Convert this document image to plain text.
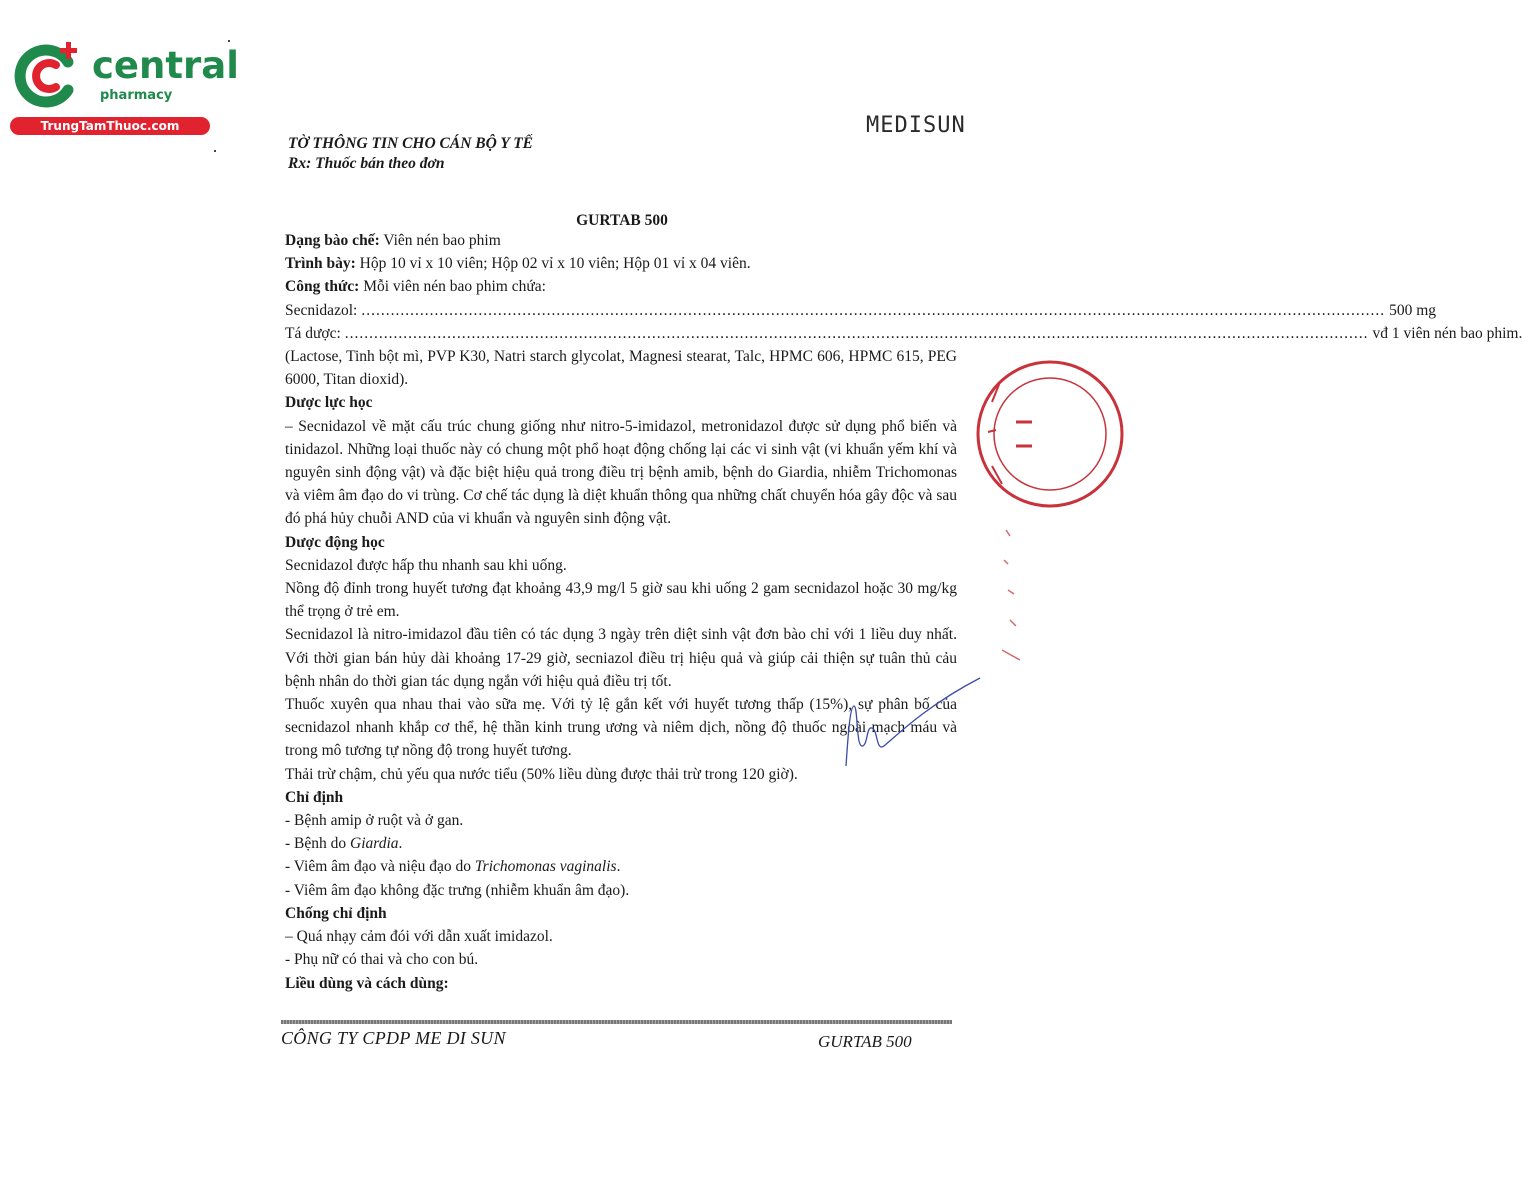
central
pharmacy
TrungTamThuoc.com	MEDISUN
TỜ THÔNG TIN CHO CÁN BỘ Y TẾ
Rx: Thuốc bán theo đơn
GURTAB 500

Dạng bào chế: Viên nén bao phim

Trình bày: Hộp 10 vỉ x 10 viên; Hộp 02 vỉ x 10 viên; Hộp 01 vỉ x 04 viên.

Công thức: Mỗi viên nén bao phim chứa:

Secnidazol: .................................................................................................................................................................................................................. 500 mg
Tá dược: .................................................................................................................................................................................................................. vđ 1 viên nén bao phim.

(Lactose, Tinh bột mì, PVP K30, Natri starch glycolat, Magnesi stearat, Talc, HPMC 606, HPMC 615, PEG 6000, Titan dioxid).

Dược lực học

– Secnidazol về mặt cấu trúc chung giống như nitro-5-imidazol, metronidazol được sử dụng phổ biến và tinidazol. Những loại thuốc này có chung một phổ hoạt động chống lại các vi sinh vật (vi khuẩn yếm khí và nguyên sinh động vật) và đặc biệt hiệu quả trong điều trị bệnh amib, bệnh do Giardia, nhiễm Trichomonas và viêm âm đạo do vi trùng. Cơ chế tác dụng là diệt khuẩn thông qua những chất chuyển hóa gây độc và sau đó phá hủy chuỗi AND của vi khuẩn và nguyên sinh động vật.

Dược động học

Secnidazol được hấp thu nhanh sau khi uống.

Nồng độ đỉnh trong huyết tương đạt khoảng 43,9 mg/l 5 giờ sau khi uống 2 gam secnidazol hoặc 30 mg/kg thể trọng ở trẻ em.

Secnidazol là nitro-imidazol đầu tiên có tác dụng 3 ngày trên diệt sinh vật đơn bào chỉ với 1 liều duy nhất. Với thời gian bán hủy dài khoảng 17-29 giờ, secniazol điều trị hiệu quả và giúp cải thiện sự tuân thủ cảu bệnh nhân do thời gian tác dụng ngắn với hiệu quả điều trị tốt.

Thuốc xuyên qua nhau thai vào sữa mẹ. Với tỷ lệ gắn kết với huyết tương thấp (15%), sự phân bố của secnidazol nhanh khắp cơ thể, hệ thần kinh trung ương và niêm dịch, nồng độ thuốc ngoài mạch máu và trong mô tương tự nồng độ trong huyết tương.

Thải trừ chậm, chủ yếu qua nước tiểu (50% liều dùng được thải trừ trong 120 giờ).

Chỉ định

- Bệnh amip ở ruột và ở gan.

- Bệnh do Giardia.

- Viêm âm đạo và niệu đạo do Trichomonas vaginalis.

- Viêm âm đạo không đặc trưng (nhiễm khuẩn âm đạo).

Chống chỉ định

– Quá nhạy cảm đói với dẫn xuất imidazol.

- Phụ nữ có thai và cho con bú.

Liều dùng và cách dùng:

CÔNG TY CPDP ME DI SUN	GURTAB 500
